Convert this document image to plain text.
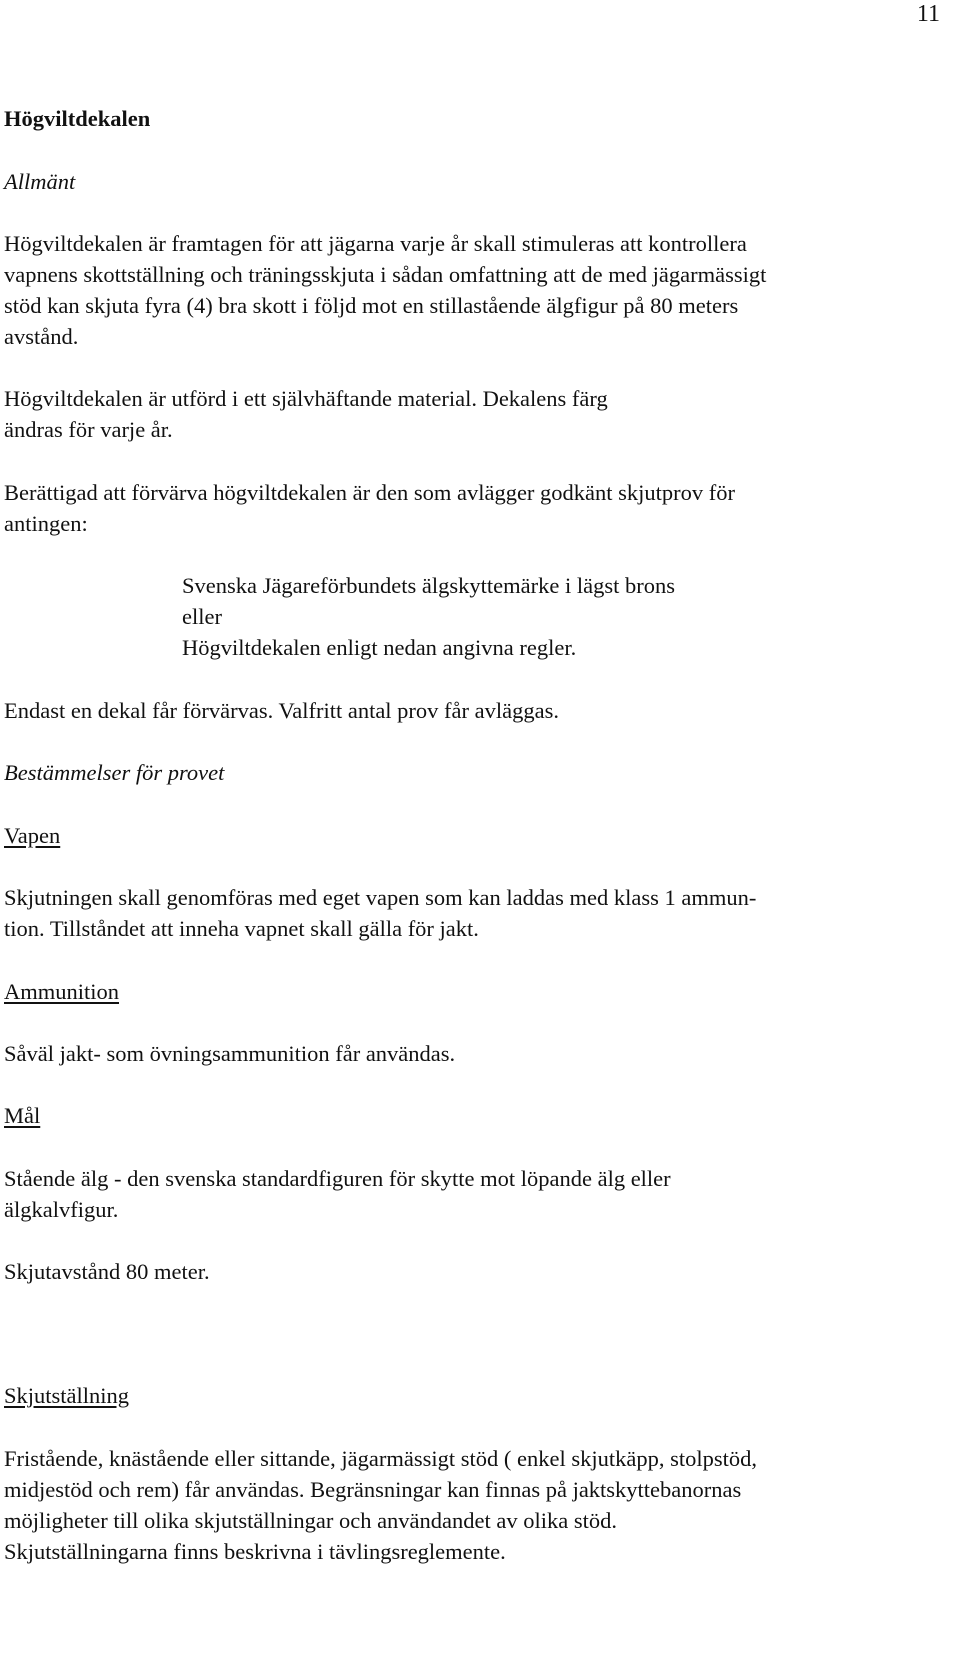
11

Högviltdekalen

Allmänt

Högviltdekalen är framtagen för att jägarna varje år skall stimuleras att kontrollera
vapnens skottställning och träningsskjuta i sådan omfattning att de med jägarmässigt
stöd kan skjuta fyra (4) bra skott i följd mot en stillastående älgfigur på 80 meters
avstånd.

Högviltdekalen är utförd i ett självhäftande material. Dekalens färg
ändras för varje år.

Berättigad att förvärva högviltdekalen är den som avlägger godkänt skjutprov för
antingen:

Svenska Jägareförbundets älgskyttemärke i lägst brons
eller
Högviltdekalen enligt nedan angivna regler.

Endast en dekal får förvärvas. Valfritt antal prov får avläggas.

Bestämmelser för provet

Vapen

Skjutningen skall genomföras med eget vapen som kan laddas med klass 1 ammun-
tion. Tillståndet att inneha vapnet skall gälla för jakt.

Ammunition

Såväl jakt- som övningsammunition får användas.

Mål

Stående älg - den svenska standardfiguren för skytte mot löpande älg eller
älgkalvfigur.

Skjutavstånd 80 meter.

Skjutställning

Fristående, knästående eller sittande, jägarmässigt stöd ( enkel skjutkäpp, stolpstöd,
midjestöd och rem) får användas. Begränsningar kan finnas på jaktskyttebanornas
möjligheter till olika skjutställningar och användandet av olika stöd.
Skjutställningarna finns beskrivna i tävlingsreglemente.
